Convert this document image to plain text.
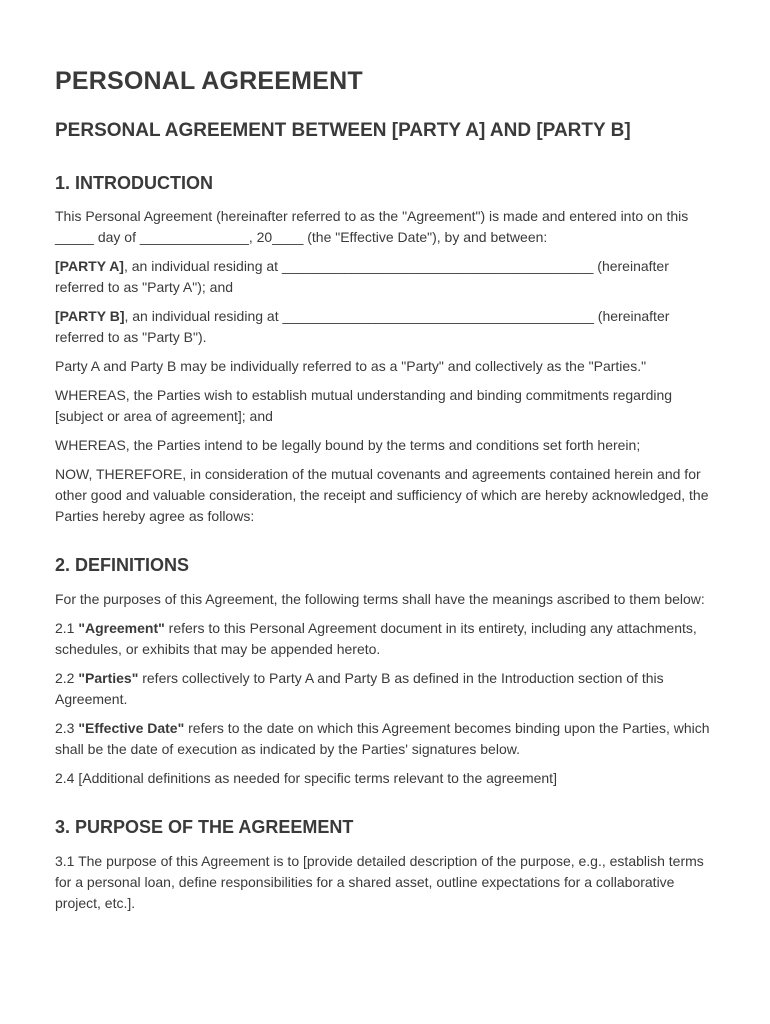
PERSONAL AGREEMENT
PERSONAL AGREEMENT BETWEEN [PARTY A] AND [PARTY B]
1. INTRODUCTION

This Personal Agreement (hereinafter referred to as the "Agreement") is made and entered into on this _____ day of ______________, 20____ (the "Effective Date"), by and between:

[PARTY A], an individual residing at ________________________________________ (hereinafter referred to as "Party A"); and

[PARTY B], an individual residing at ________________________________________ (hereinafter referred to as "Party B").

Party A and Party B may be individually referred to as a "Party" and collectively as the "Parties."

WHEREAS, the Parties wish to establish mutual understanding and binding commitments regarding [subject or area of agreement]; and

WHEREAS, the Parties intend to be legally bound by the terms and conditions set forth herein;

NOW, THEREFORE, in consideration of the mutual covenants and agreements contained herein and for other good and valuable consideration, the receipt and sufficiency of which are hereby acknowledged, the Parties hereby agree as follows:

2. DEFINITIONS

For the purposes of this Agreement, the following terms shall have the meanings ascribed to them below:

2.1 "Agreement" refers to this Personal Agreement document in its entirety, including any attachments, schedules, or exhibits that may be appended hereto.

2.2 "Parties" refers collectively to Party A and Party B as defined in the Introduction section of this Agreement.

2.3 "Effective Date" refers to the date on which this Agreement becomes binding upon the Parties, which shall be the date of execution as indicated by the Parties' signatures below.

2.4 [Additional definitions as needed for specific terms relevant to the agreement]

3. PURPOSE OF THE AGREEMENT

3.1 The purpose of this Agreement is to [provide detailed description of the purpose, e.g., establish terms for a personal loan, define responsibilities for a shared asset, outline expectations for a collaborative project, etc.].
